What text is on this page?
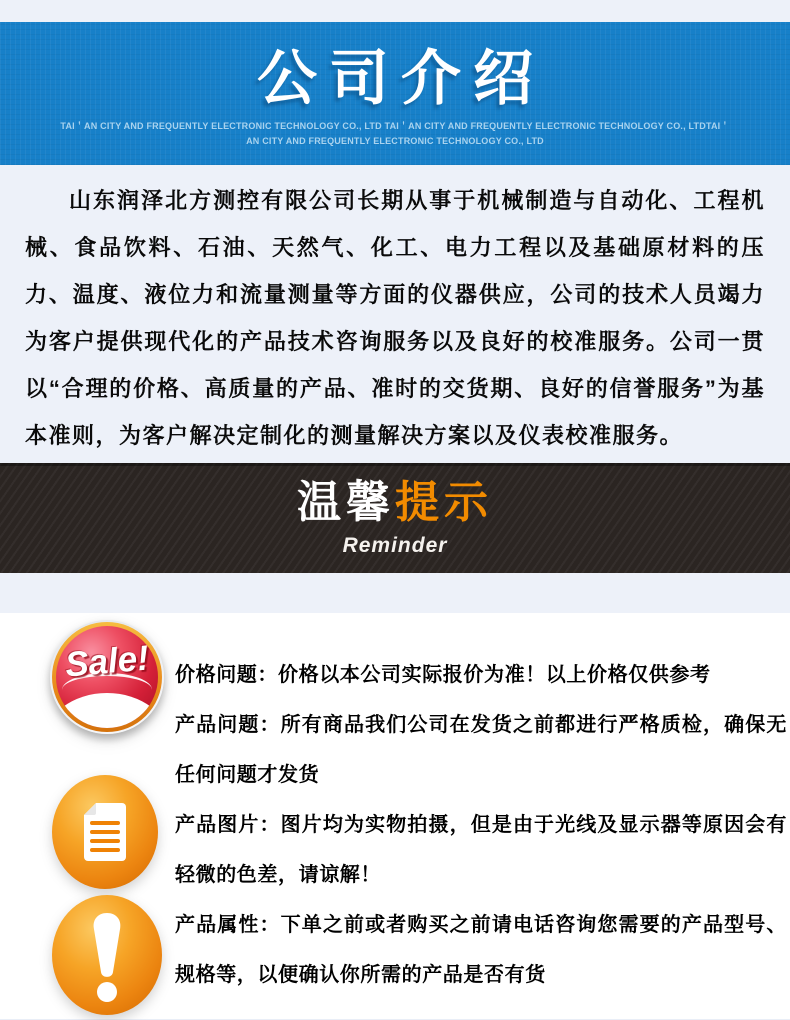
公司介绍
TAI＇AN CITY AND FREQUENTLY ELECTRONIC TECHNOLOGY CO., LTD TAI＇AN CITY AND FREQUENTLY ELECTRONIC TECHNOLOGY CO., LTDTAI＇
AN CITY AND FREQUENTLY ELECTRONIC TECHNOLOGY CO., LTD

山东润泽北方测控有限公司长期从事于机械制造与自动化、工程机械、食品饮料、石油、天然气、化工、电力工程以及基础原材料的压力、温度、液位力和流量测量等方面的仪器供应，公司的技术人员竭力为客户提供现代化的产品技术咨询服务以及良好的校准服务。公司一贯以“合理的价格、高质量的产品、准时的交货期、良好的信誉服务”为基本准则，为客户解决定制化的测量解决方案以及仪表校准服务。

温馨提示
Reminder
Sale!	价格问题：价格以本公司实际报价为准！以上价格仅供参考

产品问题：所有商品我们公司在发货之前都进行严格质检，确保无任何问题才发货

产品图片：图片均为实物拍摄，但是由于光线及显示器等原因会有轻微的色差，请谅解！

产品属性：下单之前或者购买之前请电话咨询您需要的产品型号、规格等，以便确认你所需的产品是否有货
